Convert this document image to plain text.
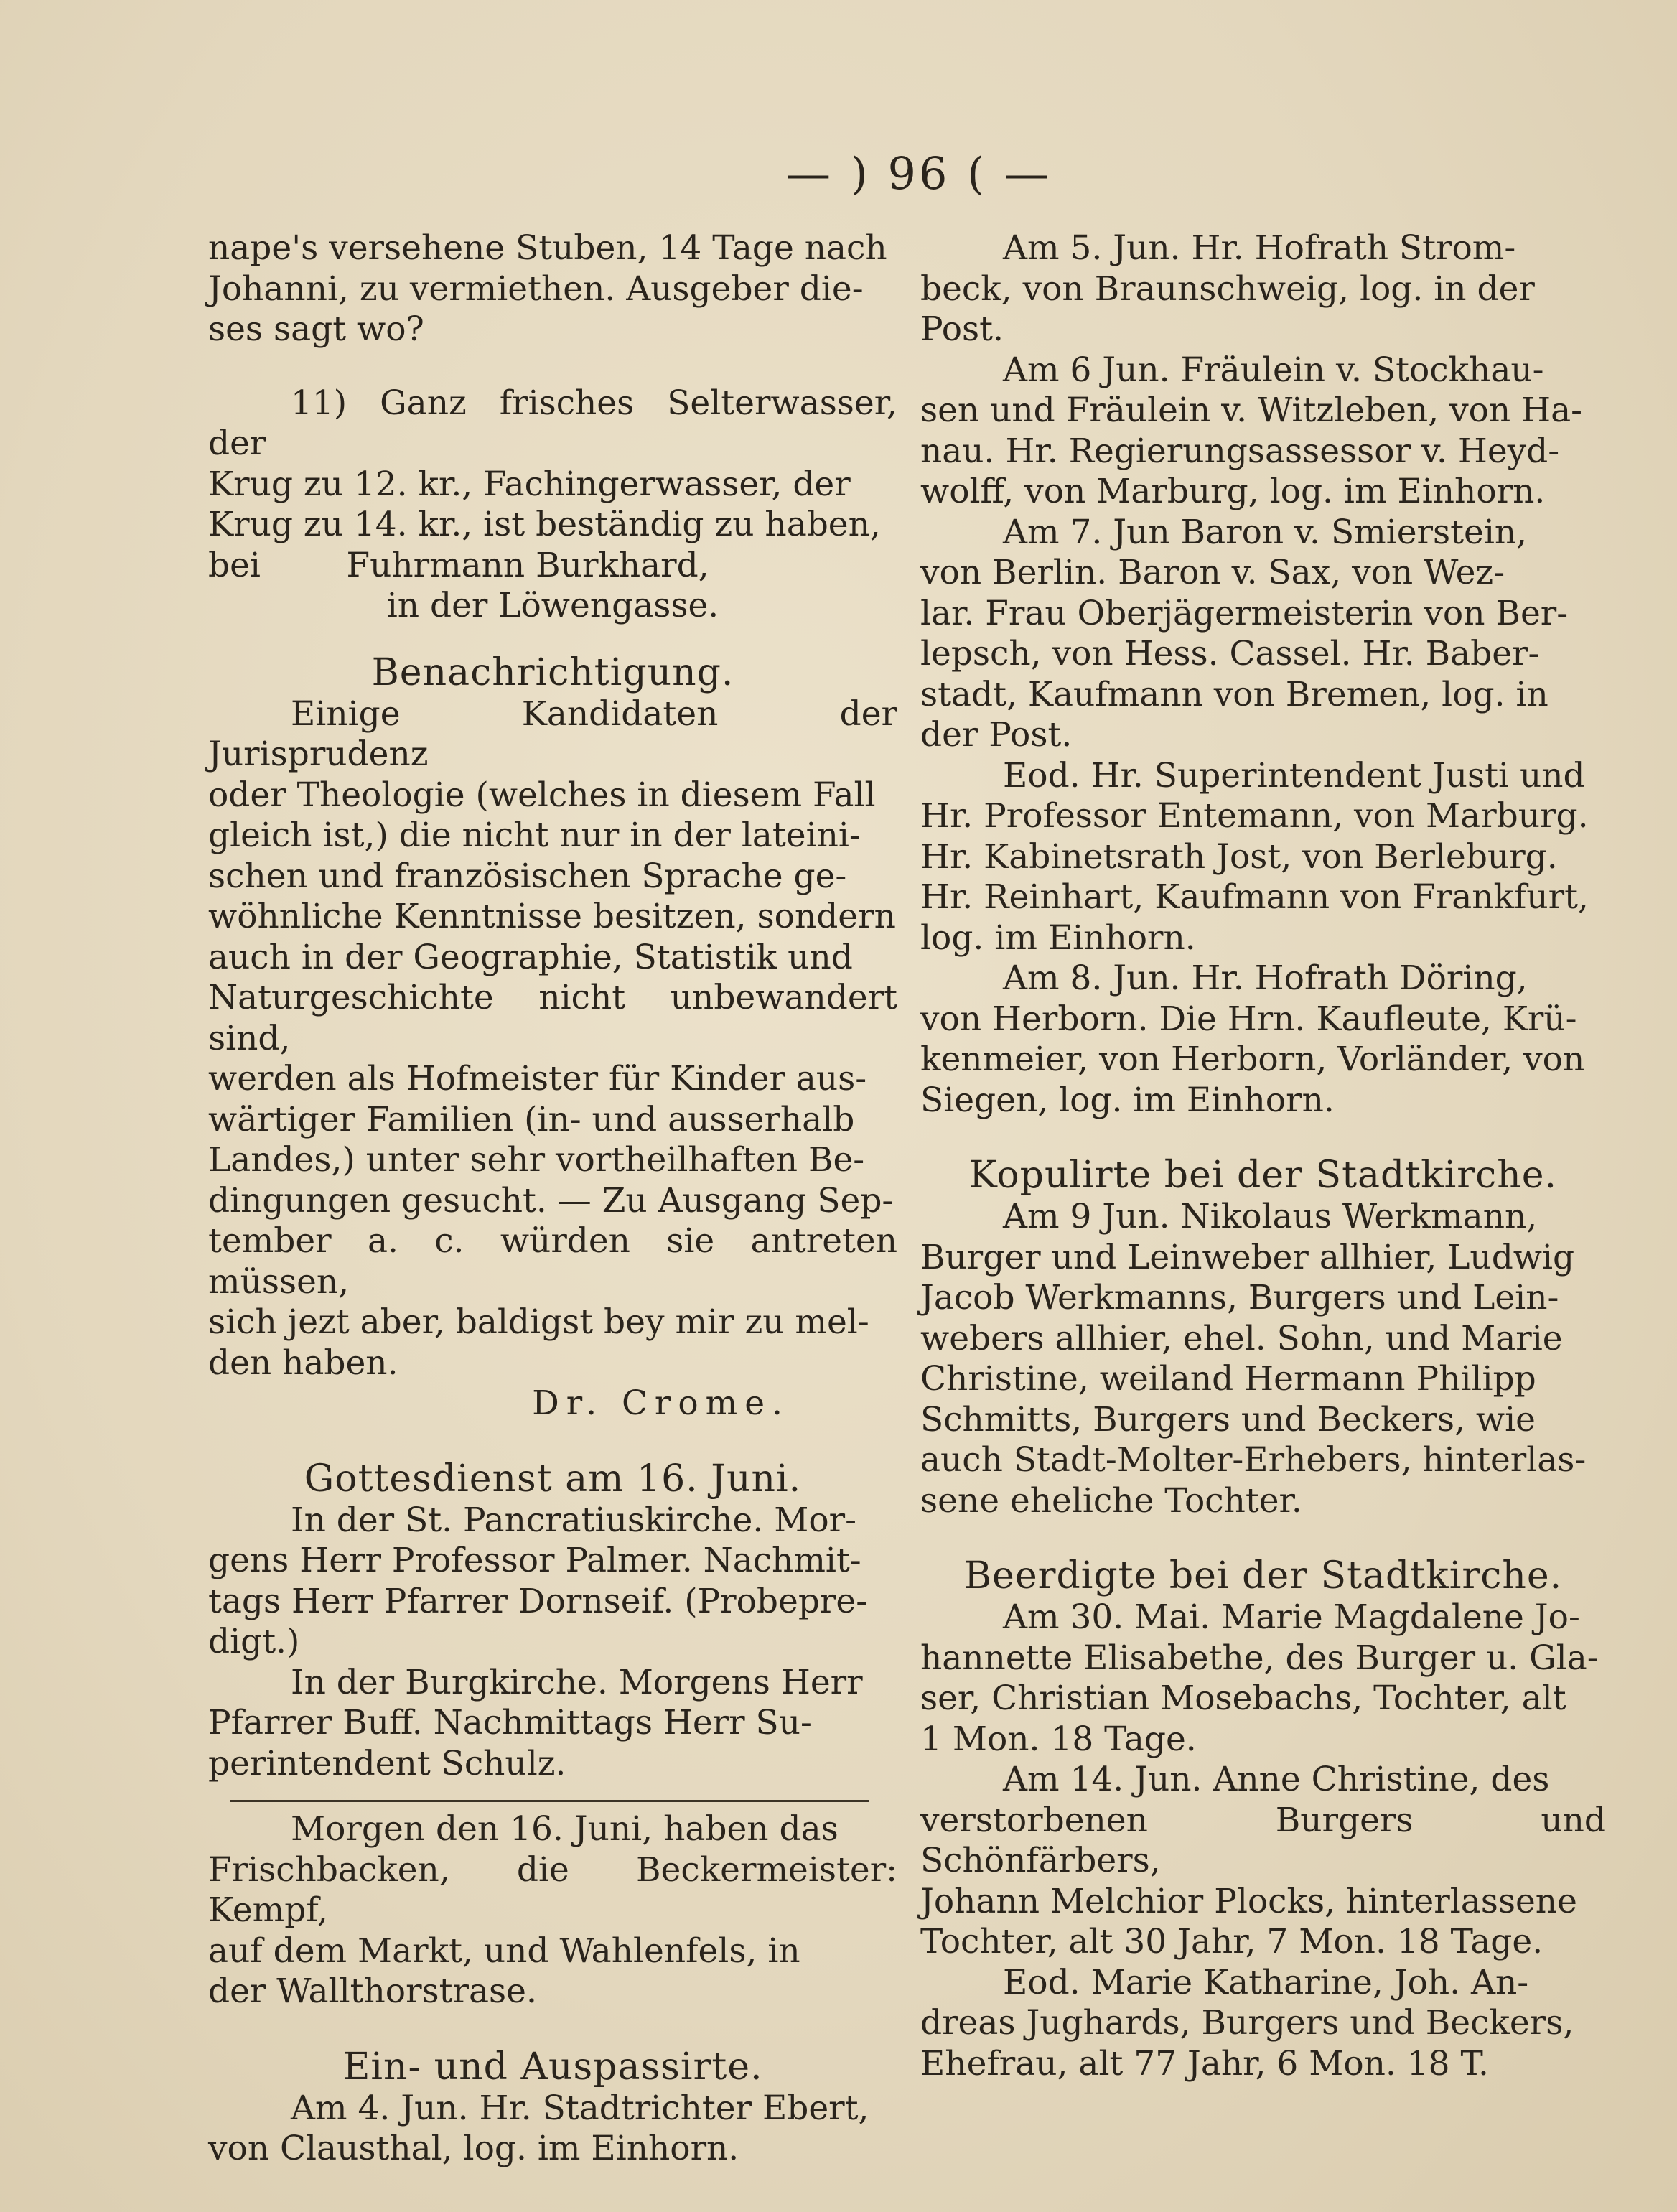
— ) 96 ( —

nape's versehene Stuben, 14 Tage nach

Johanni, zu vermiethen. Ausgeber die-

ses sagt wo?

11) Ganz frisches Selterwasser, der

Krug zu 12. kr., Fachingerwasser, der

Krug zu 14. kr., ist beständig zu haben,

bei        Fuhrmann Burkhard,

in der Löwengasse.

Benachrichtigung.

Einige Kandidaten der Jurisprudenz

oder Theologie (welches in diesem Fall

gleich ist,) die nicht nur in der lateini-

schen und französischen Sprache ge-

wöhnliche Kenntnisse besitzen, sondern

auch in der Geographie, Statistik und

Naturgeschichte nicht unbewandert sind,

werden als Hofmeister für Kinder aus-

wärtiger Familien (in- und ausserhalb

Landes,) unter sehr vortheilhaften Be-

dingungen gesucht. — Zu Ausgang Sep-

tember a. c. würden sie antreten müssen,

sich jezt aber, baldigst bey mir zu mel-

den haben.

Dr. Crome.

Gottesdienst am 16. Juni.

In der St. Pancratiuskirche. Mor-

gens Herr Professor Palmer. Nachmit-

tags Herr Pfarrer Dornseif. (Probepre-

digt.)

In der Burgkirche. Morgens Herr

Pfarrer Buff. Nachmittags Herr Su-

perintendent Schulz.

Morgen den 16. Juni, haben das

Frischbacken, die Beckermeister: Kempf,

auf dem Markt, und Wahlenfels, in

der Wallthorstrase.

Ein- und Auspassirte.

Am 4. Jun. Hr. Stadtrichter Ebert,

von Clausthal, log. im Einhorn.

Am 5. Jun. Hr. Hofrath Strom-

beck, von Braunschweig, log. in der

Post.

Am 6 Jun. Fräulein v. Stockhau-

sen und Fräulein v. Witzleben, von Ha-

nau. Hr. Regierungsassessor v. Heyd-

wolff, von Marburg, log. im Einhorn.

Am 7. Jun Baron v. Smierstein,

von Berlin. Baron v. Sax, von Wez-

lar. Frau Oberjägermeisterin von Ber-

lepsch, von Hess. Cassel. Hr. Baber-

stadt, Kaufmann von Bremen, log. in

der Post.

Eod. Hr. Superintendent Justi und

Hr. Professor Entemann, von Marburg.

Hr. Kabinetsrath Jost, von Berleburg.

Hr. Reinhart, Kaufmann von Frankfurt,

log. im Einhorn.

Am 8. Jun. Hr. Hofrath Döring,

von Herborn. Die Hrn. Kaufleute, Krü-

kenmeier, von Herborn, Vorländer, von

Siegen, log. im Einhorn.

Kopulirte bei der Stadtkirche.

Am 9 Jun. Nikolaus Werkmann,

Burger und Leinweber allhier, Ludwig

Jacob Werkmanns, Burgers und Lein-

webers allhier, ehel. Sohn, und Marie

Christine, weiland Hermann Philipp

Schmitts, Burgers und Beckers, wie

auch Stadt-Molter-Erhebers, hinterlas-

sene eheliche Tochter.

Beerdigte bei der Stadtkirche.

Am 30. Mai. Marie Magdalene Jo-

hannette Elisabethe, des Burger u. Gla-

ser, Christian Mosebachs, Tochter, alt

1 Mon. 18 Tage.

Am 14. Jun. Anne Christine, des

verstorbenen Burgers und Schönfärbers,

Johann Melchior Plocks, hinterlassene

Tochter, alt 30 Jahr, 7 Mon. 18 Tage.

Eod. Marie Katharine, Joh. An-

dreas Jughards, Burgers und Beckers,

Ehefrau, alt 77 Jahr, 6 Mon. 18 T.
